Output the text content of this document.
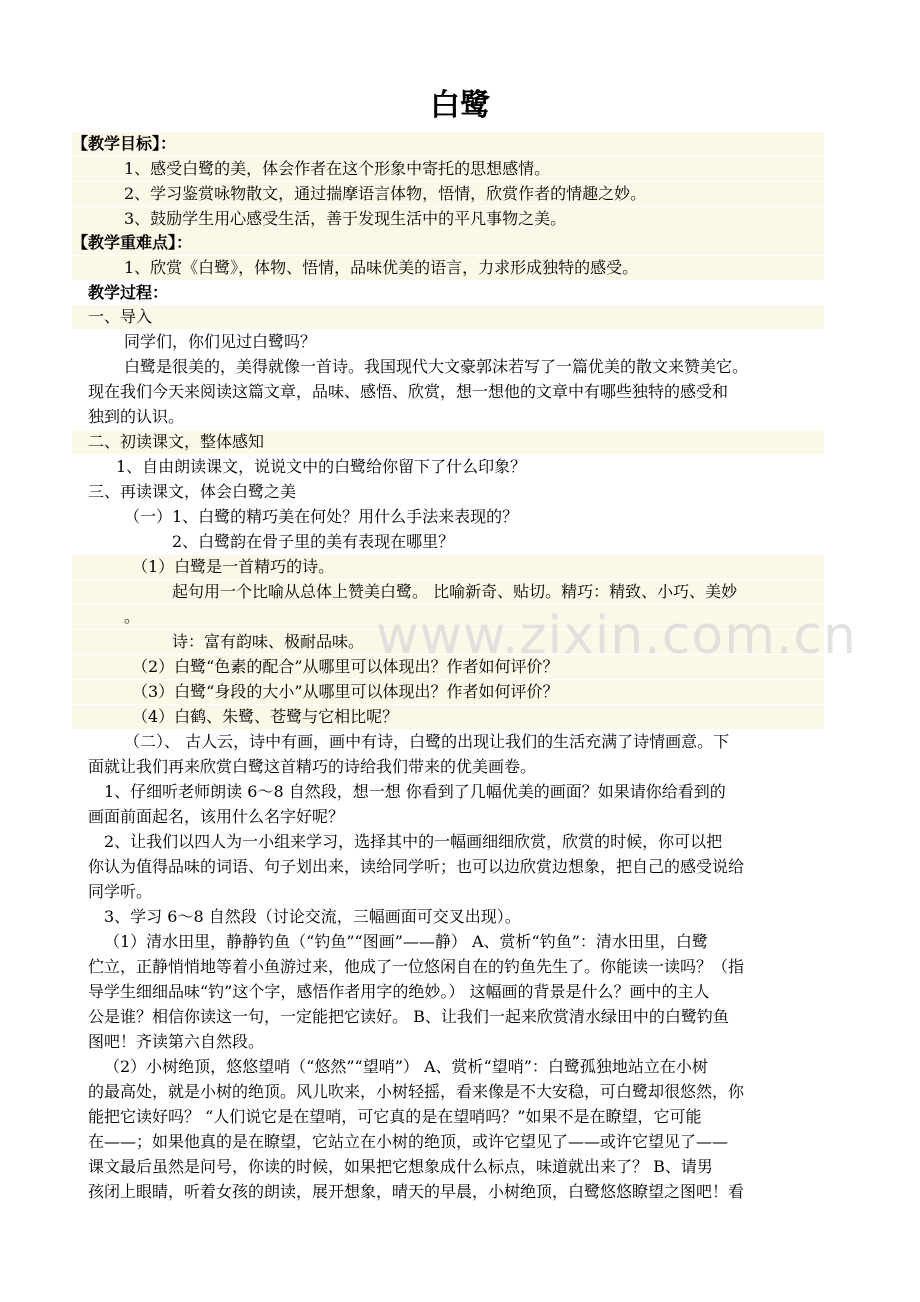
白鹭
【教学目标】：
1、感受白鹭的美，体会作者在这个形象中寄托的思想感情。
2、学习鉴赏咏物散文，通过揣摩语言体物，悟情，欣赏作者的情趣之妙。
3、鼓励学生用心感受生活，善于发现生活中的平凡事物之美。
【教学重难点】：
1、欣赏《白鹭》，体物、悟情，品味优美的语言，力求形成独特的感受。
教学过程：
一、导入
同学们，你们见过白鹭吗？
白鹭是很美的，美得就像一首诗。我国现代大文豪郭沫若写了一篇优美的散文来赞美它。
现在我们今天来阅读这篇文章，品味、感悟、欣赏，想一想他的文章中有哪些独特的感受和
独到的认识。
二、初读课文，整体感知
1、自由朗读课文，说说文中的白鹭给你留下了什么印象？
三、再读课文，体会白鹭之美
（一）1、白鹭的精巧美在何处？用什么手法来表现的？
2、白鹭韵在骨子里的美有表现在哪里？
（1）白鹭是一首精巧的诗。
起句用一个比喻从总体上赞美白鹭。 比喻新奇、贴切。精巧：精致、小巧、美妙
。
诗：富有韵味、极耐品味。
（2）白鹭“色素的配合”从哪里可以体现出？作者如何评价？
（3）白鹭“身段的大小”从哪里可以体现出？作者如何评价？
（4）白鹤、朱鹭、苍鹭与它相比呢？
www.zixin.com.cn
（二）、 古人云，诗中有画，画中有诗，白鹭的出现让我们的生活充满了诗情画意。下
面就让我们再来欣赏白鹭这首精巧的诗给我们带来的优美画卷。
1、仔细听老师朗读 6～8 自然段，想一想 你看到了几幅优美的画面？如果请你给看到的
画面前面起名，该用什么名字好呢？
2、让我们以四人为一小组来学习，选择其中的一幅画细细欣赏，欣赏的时候，你可以把
你认为值得品味的词语、句子划出来，读给同学听；也可以边欣赏边想象，把自己的感受说给
同学听。
3、学习 6～8 自然段（讨论交流，三幅画面可交叉出现）。
（1）清水田里，静静钓鱼（“钓鱼”“图画”——静） A、赏析“钓鱼”：清水田里，白鹭
伫立，正静悄悄地等着小鱼游过来，他成了一位悠闲自在的钓鱼先生了。你能读一读吗？（指
导学生细细品味“钓”这个字，感悟作者用字的绝妙。） 这幅画的背景是什么？画中的主人
公是谁？相信你读这一句，一定能把它读好。 B、让我们一起来欣赏清水绿田中的白鹭钓鱼
图吧！齐读第六自然段。
（2）小树绝顶，悠悠望哨（“悠然”“望哨”） A、赏析“望哨”：白鹭孤独地站立在小树
的最高处，就是小树的绝顶。风儿吹来，小树轻摇，看来像是不大安稳，可白鹭却很悠然，你
能把它读好吗？ “人们说它是在望哨，可它真的是在望哨吗？”如果不是在瞭望，它可能
在——；如果他真的是在瞭望，它站立在小树的绝顶，或许它望见了——或许它望见了——
课文最后虽然是问号，你读的时候，如果把它想象成什么标点，味道就出来了？ B、请男
孩闭上眼睛，听着女孩的朗读，展开想象，晴天的早晨，小树绝顶，白鹭悠悠瞭望之图吧！看
